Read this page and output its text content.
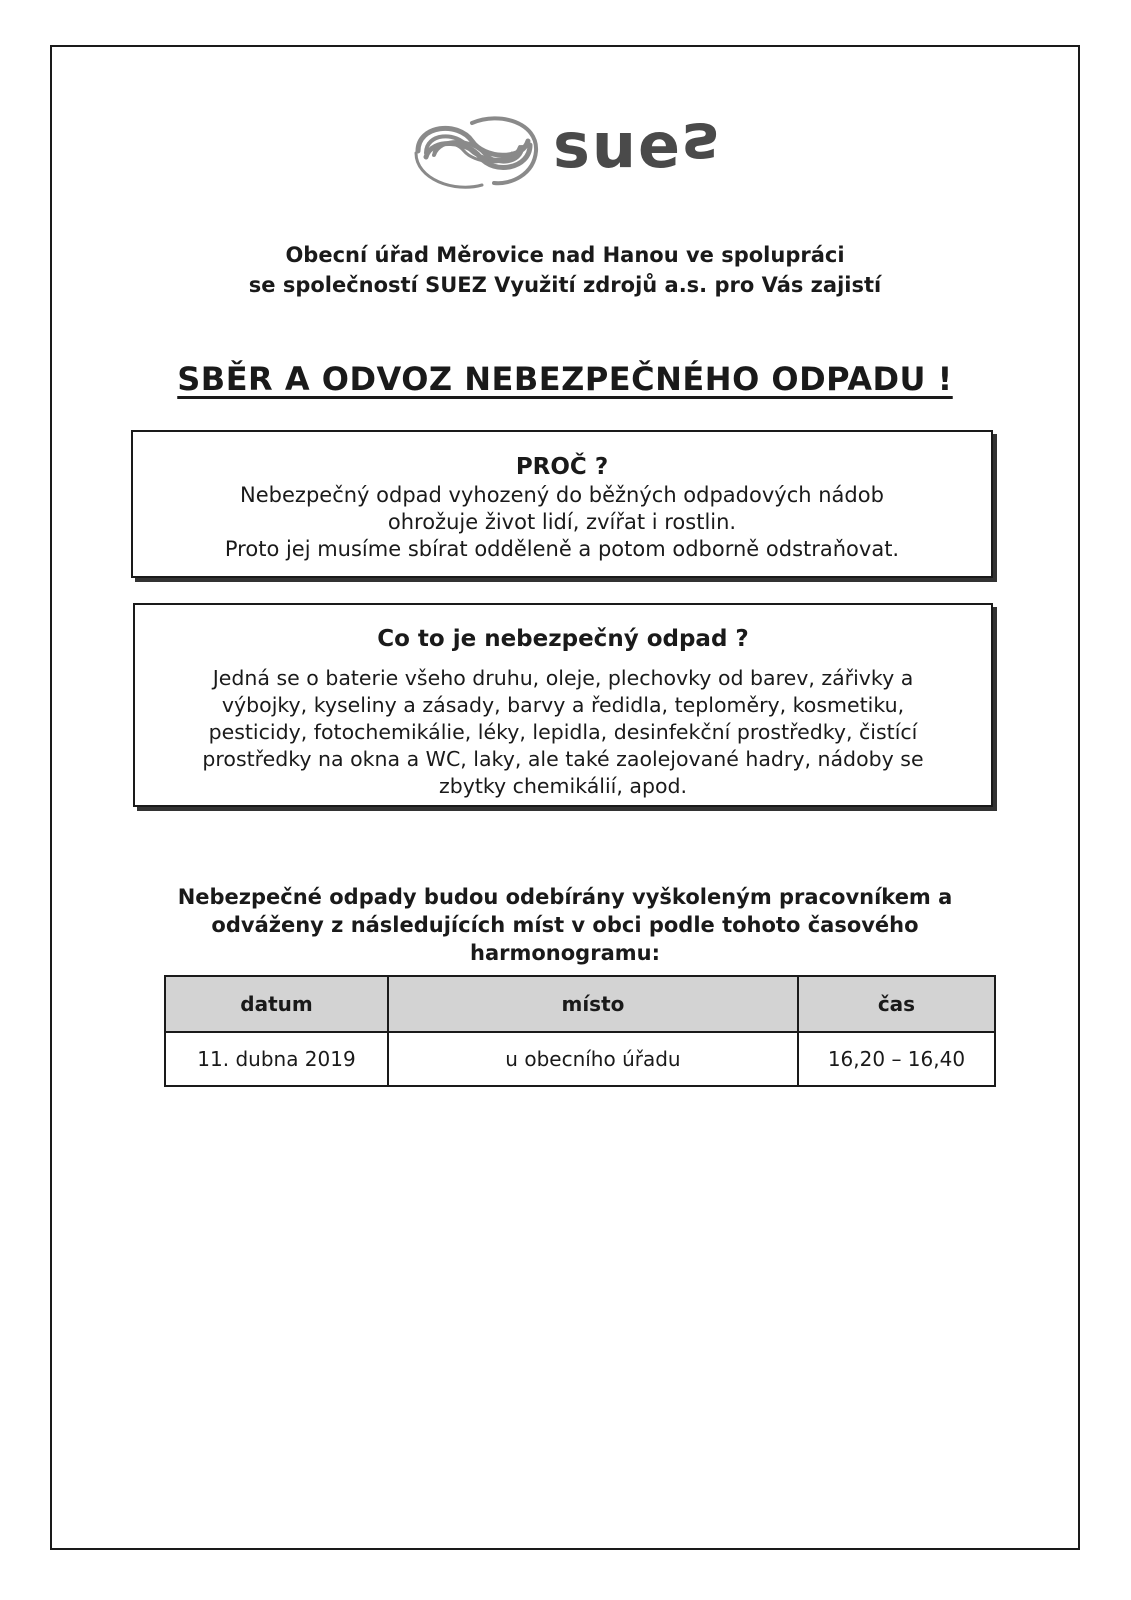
sues
Obecní úřad Měrovice nad Hanou ve spolupráci
se společností SUEZ Využití zdrojů a.s. pro Vás zajistí
SBĚR A ODVOZ NEBEZPEČNÉHO ODPADU !
PROČ ?
Nebezpečný odpad vyhozený do běžných odpadových nádob
ohrožuje život lidí, zvířat i rostlin.
Proto jej musíme sbírat odděleně a potom odborně odstraňovat.
Co to je nebezpečný odpad ?
Jedná se o baterie všeho druhu, oleje, plechovky od barev, zářivky a
výbojky, kyseliny a zásady, barvy a ředidla, teploměry, kosmetiku,
pesticidy, fotochemikálie, léky, lepidla, desinfekční prostředky, čistící
prostředky na okna a WC, laky, ale také zaolejované hadry, nádoby se
zbytky chemikálií, apod.
Nebezpečné odpady budou odebírány vyškoleným pracovníkem a
odváženy z následujících míst v obci podle tohoto časového
harmonogramu:
datum	místo	čas
11. dubna 2019	u obecního úřadu	16,20 – 16,40
